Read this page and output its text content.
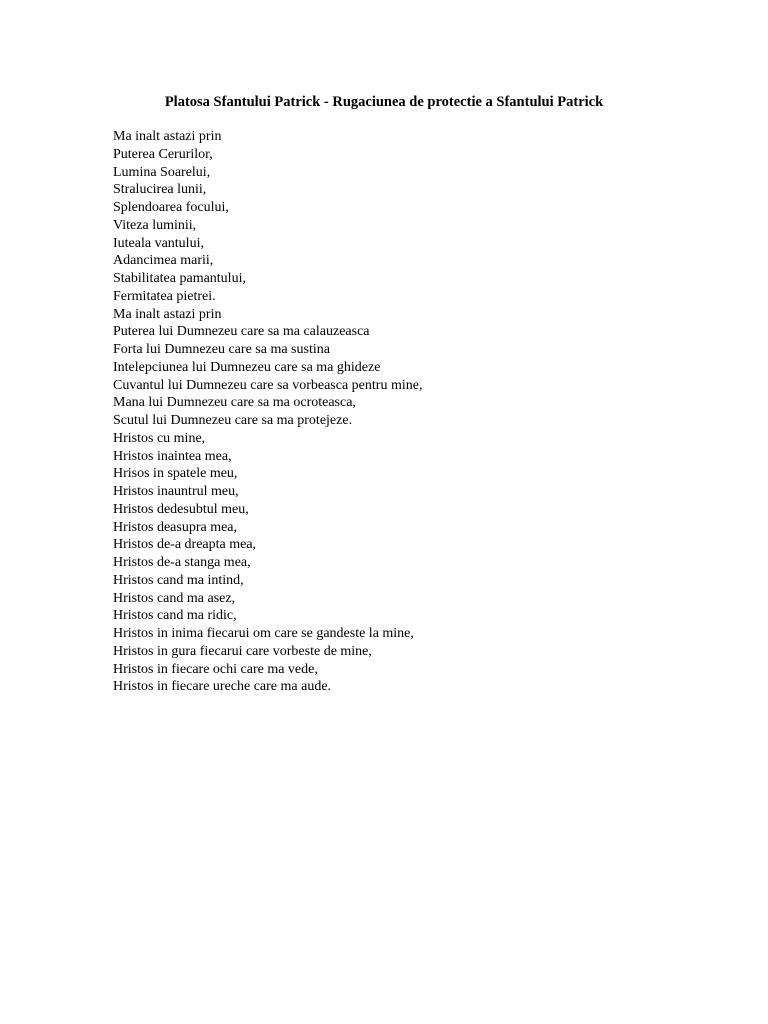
Platosa Sfantului Patrick - Rugaciunea de protectie a Sfantului Patrick
Ma inalt astazi prin
Puterea Cerurilor,
Lumina Soarelui,
Stralucirea lunii,
Splendoarea focului,
Viteza luminii,
Iuteala vantului,
Adancimea marii,
Stabilitatea pamantului,
Fermitatea pietrei.
Ma inalt astazi prin
Puterea lui Dumnezeu care sa ma calauzeasca
Forta lui Dumnezeu care sa ma sustina
Intelepciunea lui Dumnezeu care sa ma ghideze
Cuvantul lui Dumnezeu care sa vorbeasca pentru mine,
Mana lui Dumnezeu care sa ma ocroteasca,
Scutul lui Dumnezeu care sa ma protejeze.
Hristos cu mine,
Hristos inaintea mea,
Hrisos in spatele meu,
Hristos inauntrul meu,
Hristos dedesubtul meu,
Hristos deasupra mea,
Hristos de-a dreapta mea,
Hristos de-a stanga mea,
Hristos cand ma intind,
Hristos cand ma asez,
Hristos cand ma ridic,
Hristos in inima fiecarui om care se gandeste la mine,
Hristos in gura fiecarui care vorbeste de mine,
Hristos in fiecare ochi care ma vede,
Hristos in fiecare ureche care ma aude.
